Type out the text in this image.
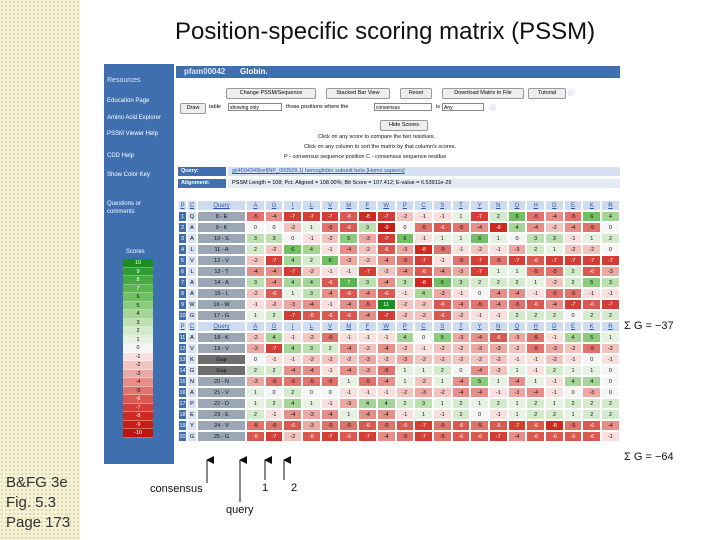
Position-specific scoring matrix (PSSM)
B&FG 3e
Fig. 5.3
Page 173
Resources
Education Page
Amino Acid Explorer
PSSM Viewer Help
CDD Help
Show Color Key
Questions or comments
Scores
10
9
8
7
6
5
4
3
2
1
0
-1
-2
-3
-4
-5
-6
-7
-8
-9
-10
pfam00042 Globin.
Change PSSM/Sequence	Stacked Bar View	Reset	Download Matrix to File	Tutorial	ⓘ
Draw	table	showing only	those positions where the	consensus	is Any	ⓘ
Hide Scores
Click on any score to compare the two residues.
Click on any column to sort the matrix by that column's scores.
P - consensus sequence position C - consensus sequence residue
Query:	gi|4504349|ref|NP_000509.1| hemoglobin subunit beta [Homo sapiens]
Alignment:	PSSM Length = 108; Pct. Aligned = 108.00%; Bit Score = 107.412; E-value = 6.53911e-29
P C	Query	A	G	I	L	V	M	F	W	P	C	S	T	Y	N	Q	H	D	E	K	R
1	Q	8 - E	-5	-4	-7	-7	-7	-6	-8	-7	-2	-1	-1	1	-7	2	6	-5	-4	-5	6	4
2	A	9 - K	0	0	-2	1	-5	-6	3	-9	0	-5	-6	-5	-4	-8	4	-4	-2	-4	-5	0
3	A	10 - S	3	3	0	-1	-2	5	-3	-7	6	-1	1	1	6	1	0	3	3	-1	1	2
4	L	11 - A	2	-2	6	4	-1	-4	-2	-6	-3	-8	-5	-1	-2	-1	-3	2	1	-2	-2	0
5	V	12 - V	-2	-7	4	2	6	-3	-2	-4	-5	-7	-1	-5	-7	-5	-7	-6	-7	-7	-7	-7
6	L	13 - T	-4	-4	-7	-2	-1	-1	-7	-2	-4	-6	-4	-3	-7	1	1	-5	-5	2	-6	-3
7	A	14 - A	3	-4	4	4	-6	7	3	-4	3	-8	6	3	2	2	2	1	-2	2	5	3
8	A	15 - L	-2	-6	1	3	-4	-6	-4	-6	-1	4	-3	-1	0	-4	-4	-1	-5	-5	-1	-1
9 W	16 - W	-1	-2	-3	-4	-1	-4	-5	11	-2	-2	-6	-4	-5	-4	-5	-6	-4	-7	-6	-7
10 G	17 - G	1	2	-7	-6	-6	-6	-4	-7	-2	-2	-6	-2	-1	-1	2	2	2	0	2	2
P C	Query	A	G	I	L	V	M	F	W	P	C	S	T	Y	N	Q	H	D	E	K	R
11 A	18 - K	-2	4	-1	-2	-5	-1	-1	-1	4	0	5	-3	-4	-6	-3	-5	-1	4	5	1
12 V	19 - V	-3	-7	4	3	2	-4	-2	-4	-2	-1	-2	-2	-3	-3	-2	-5	-3	-2	-5	-2
13 K	Gap	0	-1	-1	-2	-2	-2	-3	-2	-3	-2	-2	-2	-2	-2	-1	-1	-2	-1	0	-1
14 G	Gap	2	2	-4	-4	-1	-4	-3	-5	1	1	2	0	-4	-2	1	-1	2	1	1	0
15 N	20 - N	-3	-5	-5	-5	-5	1	-5	-4	1	-2	1	-4	5	1	-4	1	-1	4	4	0
16 A	21 - V	1	0	2	0	0	-1	-1	-1	-2	-3	-2	-4	-4	-1	-3	-4	-1	0	-3	0
17 P	22 - D	1	2	4	1	-1	-3	4	4	2	3	1	2	1	2	1	2	1	2	2	2
18 E	23 - E	2	-1	-4	-3	-4	1	-4	-4	-1	1	-1	2	0	-1	1	2	2	1	2	2
19 Y	24 - V	-5	-5	-6	-3	-5	-5	-6	-5	-6	-7	-5	-6	-5	-6	-7	-6	-8	-5	-6	-4
20 G	25 - G	-6	-7	-2	-6	-7	-6	-7	-4	-5	-7	-5	-6	-6	-7	-4	-6	-6	-6	-6	-1
consensus
query
1 2
Σ G = −37
Σ G = −64
